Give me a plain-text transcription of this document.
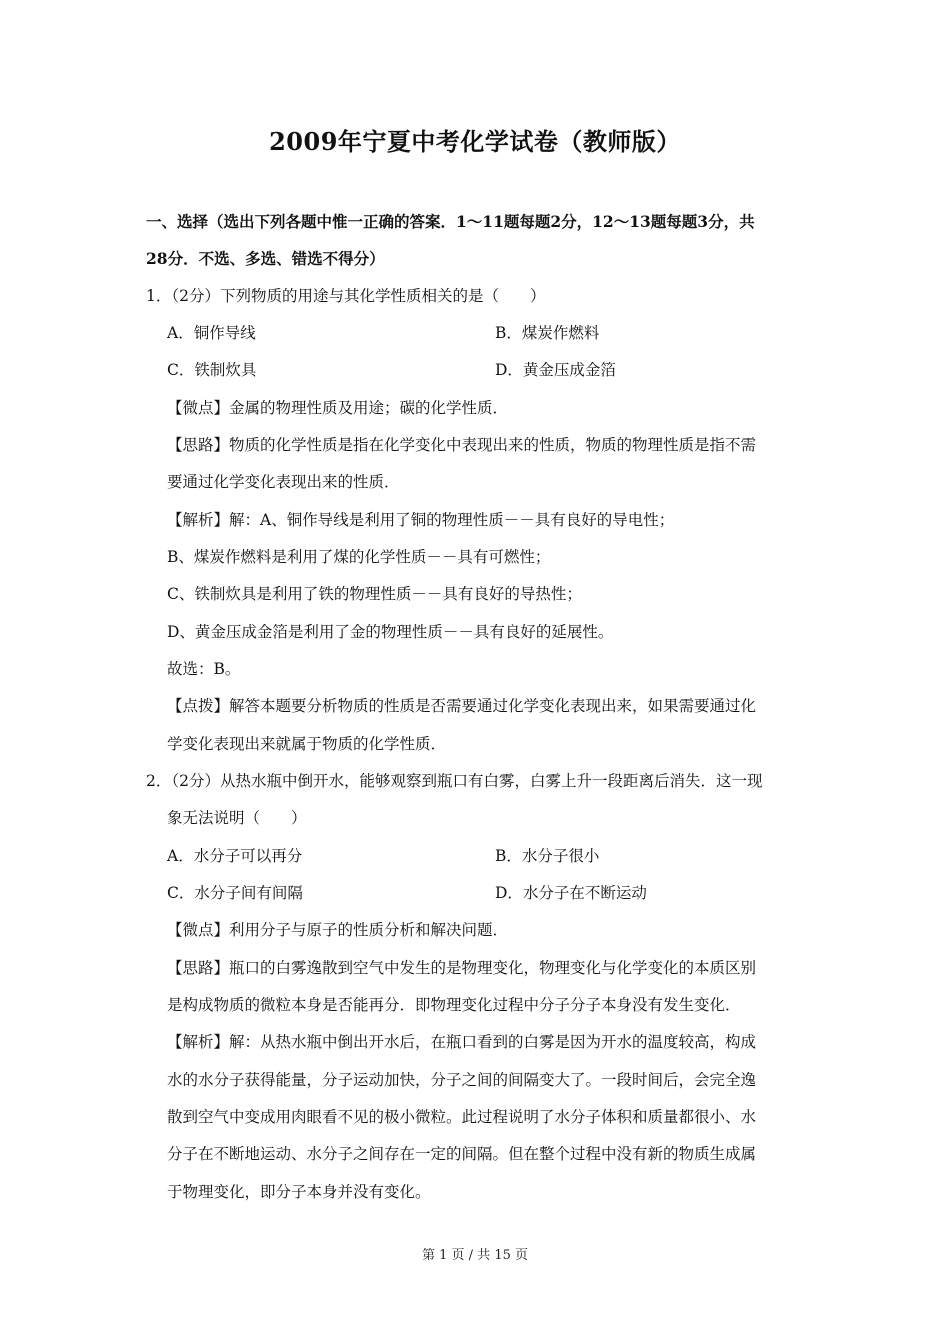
2009年宁夏中考化学试卷（教师版）
一、选择（选出下列各题中惟一正确的答案．1～11题每题2分，12～13题每题3分，共
28分．不选、多选、错选不得分）
1．（2分）下列物质的用途与其化学性质相关的是（　　）
A．铜作导线	B．煤炭作燃料
C．铁制炊具	D．黄金压成金箔
【微点】金属的物理性质及用途；碳的化学性质．
【思路】物质的化学性质是指在化学变化中表现出来的性质，物质的物理性质是指不需
要通过化学变化表现出来的性质．
【解析】解：A、铜作导线是利用了铜的物理性质－－具有良好的导电性；
B、煤炭作燃料是利用了煤的化学性质－－具有可燃性；
C、铁制炊具是利用了铁的物理性质－－具有良好的导热性；
D、黄金压成金箔是利用了金的物理性质－－具有良好的延展性。
故选：B。
【点拨】解答本题要分析物质的性质是否需要通过化学变化表现出来，如果需要通过化
学变化表现出来就属于物质的化学性质．
2．（2分）从热水瓶中倒开水，能够观察到瓶口有白雾，白雾上升一段距离后消失．这一现
象无法说明（　　）
A．水分子可以再分	B．水分子很小
C．水分子间有间隔	D．水分子在不断运动
【微点】利用分子与原子的性质分析和解决问题．
【思路】瓶口的白雾逸散到空气中发生的是物理变化，物理变化与化学变化的本质区别
是构成物质的微粒本身是否能再分．即物理变化过程中分子分子本身没有发生变化．
【解析】解：从热水瓶中倒出开水后，在瓶口看到的白雾是因为开水的温度较高，构成
水的水分子获得能量，分子运动加快，分子之间的间隔变大了。一段时间后，会完全逸
散到空气中变成用肉眼看不见的极小微粒。此过程说明了水分子体积和质量都很小、水
分子在不断地运动、水分子之间存在一定的间隔。但在整个过程中没有新的物质生成属
于物理变化，即分子本身并没有变化。
第 1 页 / 共 15 页
